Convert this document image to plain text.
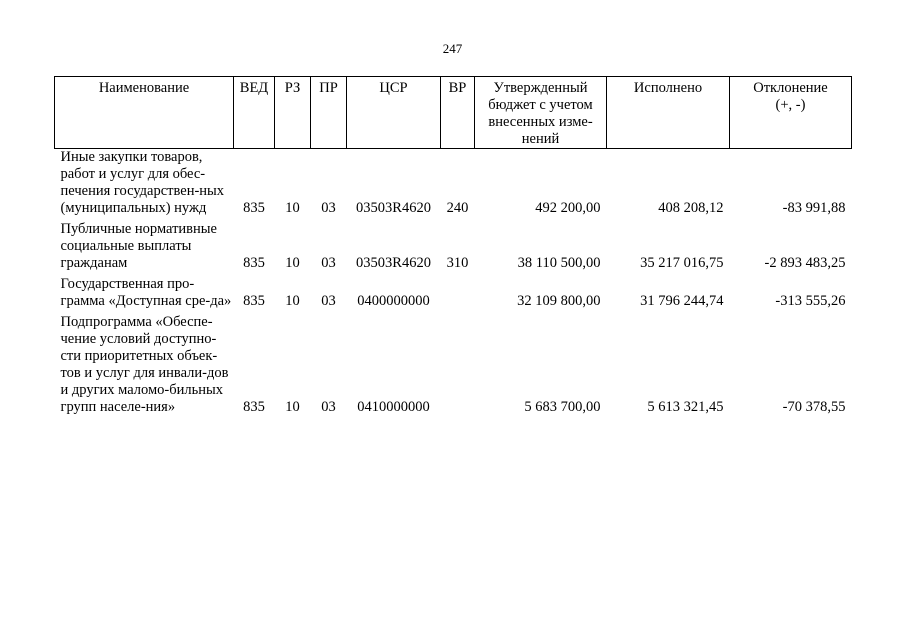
247
Наименование	ВЕД	РЗ	ПР	ЦСР	ВР	Утвержденный бюджет с учетом внесенных изме-нений	Исполнено	Отклонение (+, -)
Иные закупки товаров, работ и услуг для обес-печения государствен-ных (муниципальных) нужд	835	10	03	03503R4620	240	492 200,00	408 208,12	-83 991,88
Публичные нормативные социальные выплаты гражданам	835	10	03	03503R4620	310	38 110 500,00	35 217 016,75	-2 893 483,25
Государственная про-грамма «Доступная сре-да»	835	10	03	0400000000		32 109 800,00	31 796 244,74	-313 555,26
Подпрограмма «Обеспе-чение условий доступно-сти приоритетных объек-тов и услуг для инвали-дов и других маломо-бильных групп населе-ния»	835	10	03	0410000000		5 683 700,00	5 613 321,45	-70 378,55
